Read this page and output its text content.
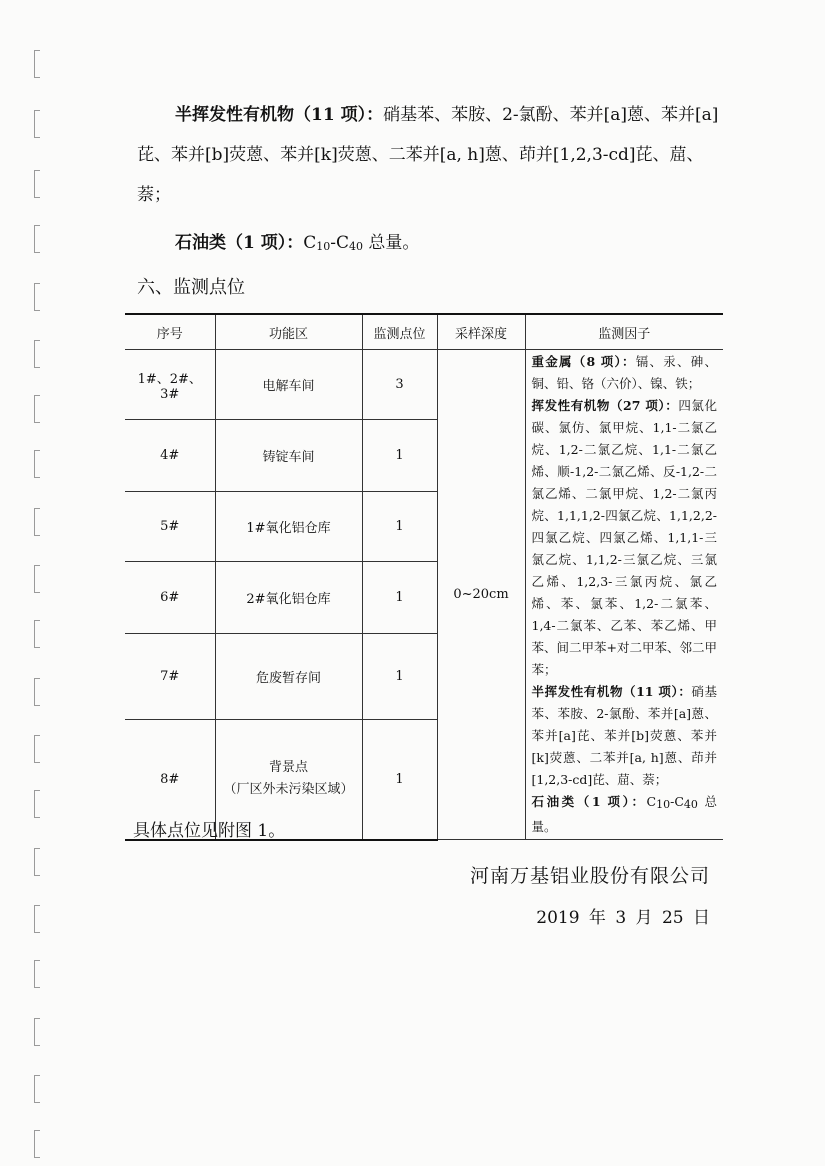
半挥发性有机物（11 项）：硝基苯、苯胺、2-氯酚、苯并[a]蒽、苯并[a]芘、苯并[b]荧蒽、苯并[k]荧蒽、二苯并[a, h]蒽、茚并[1,2,3-cd]芘、䓛、萘；

石油类（1 项）：$C_{10}-C_{40}$ 总量。

六、监测点位

序号	功能区	监测点位	采样深度	监测因子
1#、2#、3#	电解车间	3	0~20cm	重金属（8 项）：镉、汞、砷、铜、铅、铬（六价）、镍、铁；
挥发性有机物（27 项）：四氯化碳、氯仿、氯甲烷、1,1-二氯乙烷、1,2-二氯乙烷、1,1-二氯乙烯、顺-1,2-二氯乙烯、反-1,2-二氯乙烯、二氯甲烷、1,2-二氯丙烷、1,1,1,2-四氯乙烷、1,1,2,2-四氯乙烷、四氯乙烯、1,1,1-三氯乙烷、1,1,2-三氯乙烷、三氯乙烯、1,2,3-三氯丙烷、氯乙烯、苯、氯苯、1,2-二氯苯、1,4-二氯苯、乙苯、苯乙烯、甲苯、间二甲苯+对二甲苯、邻二甲苯；
半挥发性有机物（11 项）：硝基苯、苯胺、2-氯酚、苯并[a]蒽、苯并[a]芘、苯并[b]荧蒽、苯并[k]荧蒽、二苯并[a, h]蒽、茚并[1,2,3-cd]芘、䓛、萘；
石油类（1 项）：$C_{10}-C_{40}$ 总量。

4#	铸锭车间	1		
5#	1#氧化铝仓库	1		
6#	2#氧化铝仓库	1		
7#	危废暂存间	1		
8#	背景点
（厂区外未污染区域）	1		

具体点位见附图 1。

河南万基铝业股份有限公司

2019 年 3 月 25 日
